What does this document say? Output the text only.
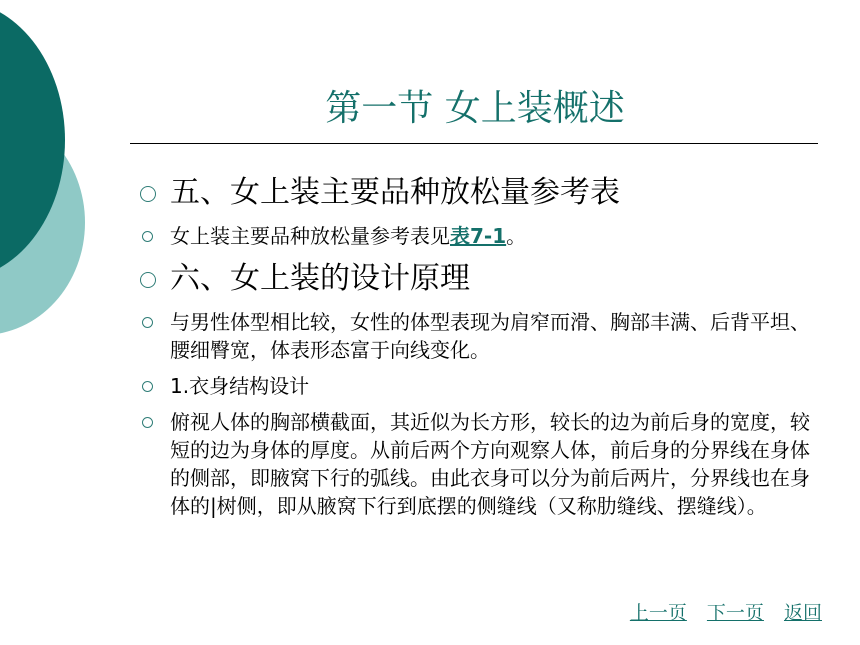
第一节 女上装概述
五、女上装主要品种放松量参考表
女上装主要品种放松量参考表见表7-1。
六、女上装的设计原理
与男性体型相比较，女性的体型表现为肩窄而滑、胸部丰满、后背平坦、腰细臀宽，体表形态富于向线变化。
1.衣身结构设计
俯视人体的胸部横截面，其近似为长方形，较长的边为前后身的宽度，较短的边为身体的厚度。从前后两个方向观察人体，前后身的分界线在身体的侧部，即腋窝下行的弧线。由此衣身可以分为前后两片，分界线也在身体的|树侧，即从腋窝下行到底摆的侧缝线（又称肋缝线、摆缝线）。
上一页 下一页 返回
